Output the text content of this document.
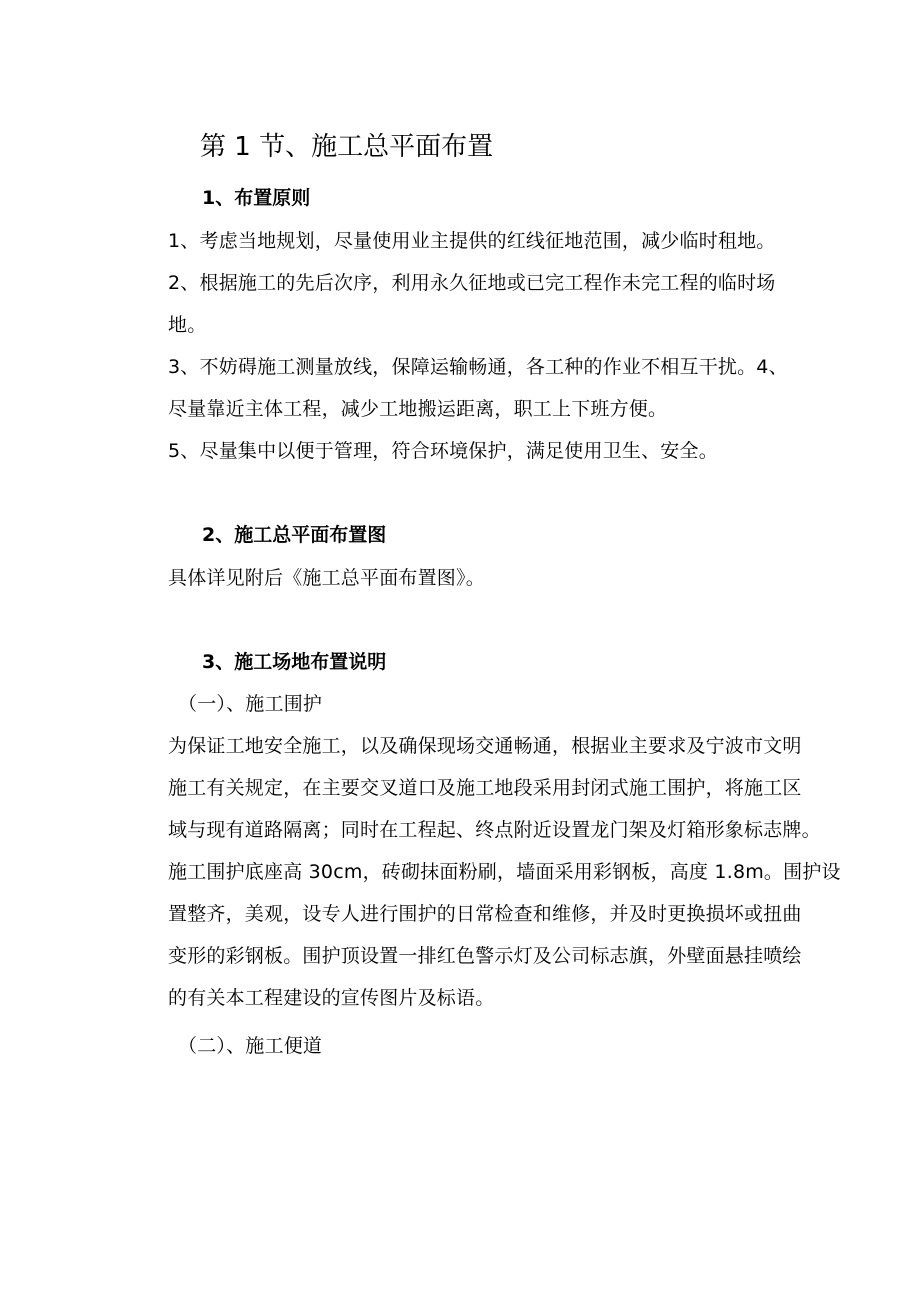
第 1 节、施工总平面布置
1、布置原则
1、考虑当地规划，尽量使用业主提供的红线征地范围，减少临时租地。
2、根据施工的先后次序，利用永久征地或已完工程作未完工程的临时场
地。
3、不妨碍施工测量放线，保障运输畅通，各工种的作业不相互干扰。4、
尽量靠近主体工程，减少工地搬运距离，职工上下班方便。
5、尽量集中以便于管理，符合环境保护，满足使用卫生、安全。
2、施工总平面布置图
具体详见附后《施工总平面布置图》。
3、施工场地布置说明
（一）、施工围护
为保证工地安全施工，以及确保现场交通畅通，根据业主要求及宁波市文明
施工有关规定，在主要交叉道口及施工地段采用封闭式施工围护，将施工区
域与现有道路隔离；同时在工程起、终点附近设置龙门架及灯箱形象标志牌。
施工围护底座高 30cm，砖砌抹面粉刷，墙面采用彩钢板，高度 1.8m。围护设
置整齐，美观，设专人进行围护的日常检查和维修，并及时更换损坏或扭曲
变形的彩钢板。围护顶设置一排红色警示灯及公司标志旗，外壁面悬挂喷绘
的有关本工程建设的宣传图片及标语。
（二）、施工便道
